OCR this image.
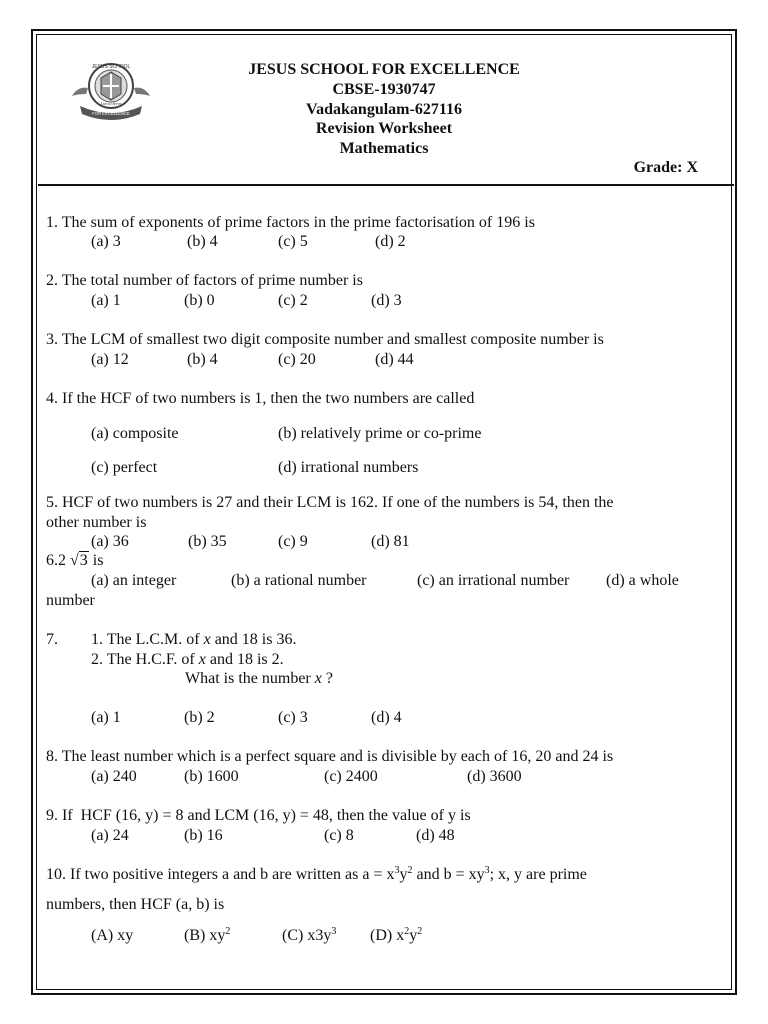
JESUS SCHOOL
FOR EXCELLENCE
Live to Serve
JESUS SCHOOL FOR EXCELLENCE
CBSE-1930747
Vadakangulam-627116
Revision Worksheet
Mathematics
Grade: X
1. The sum of exponents of prime factors in the prime factorisation of 196 is
(a) 3	(b) 4	(c) 5	(d) 2
2. The total number of factors of prime number is
(a) 1	(b) 0	(c) 2	(d) 3
3. The LCM of smallest two digit composite number and smallest composite number is
(a) 12	(b) 4	(c) 20	(d) 44
4. If the HCF of two numbers is 1, then the two numbers are called
(a) composite	(b) relatively prime or co-prime
(c) perfect	(d) irrational numbers
5. HCF of two numbers is 27 and their LCM is 162. If one of the numbers is 54, then the
other number is
(a) 36	(b) 35	(c) 9	(d) 81
6.2 √3 is
(a) an integer	(b) a rational number	(c) an irrational number (d) a whole
number
7. 1. The L.C.M. of x and 18 is 36.
2. The H.C.F. of x and 18 is 2.
What is the number x ?
(a) 1	(b) 2	(c) 3	(d) 4
8. The least number which is a perfect square and is divisible by each of 16, 20 and 24 is
(a) 240	(b) 1600	(c) 2400	(d) 3600
9. If  HCF (16, y) = 8 and LCM (16, y) = 48, then the value of y is
(a) 24	(b) 16	(c) 8	(d) 48
10. If two positive integers a and b are written as $a = x^3y^2$ and $b = xy^3$; x, y are prime
numbers, then HCF (a, b) is
(A) xy	(B) $xy^2$	(C) $x3y^3$ (D) $x^2y^2$
